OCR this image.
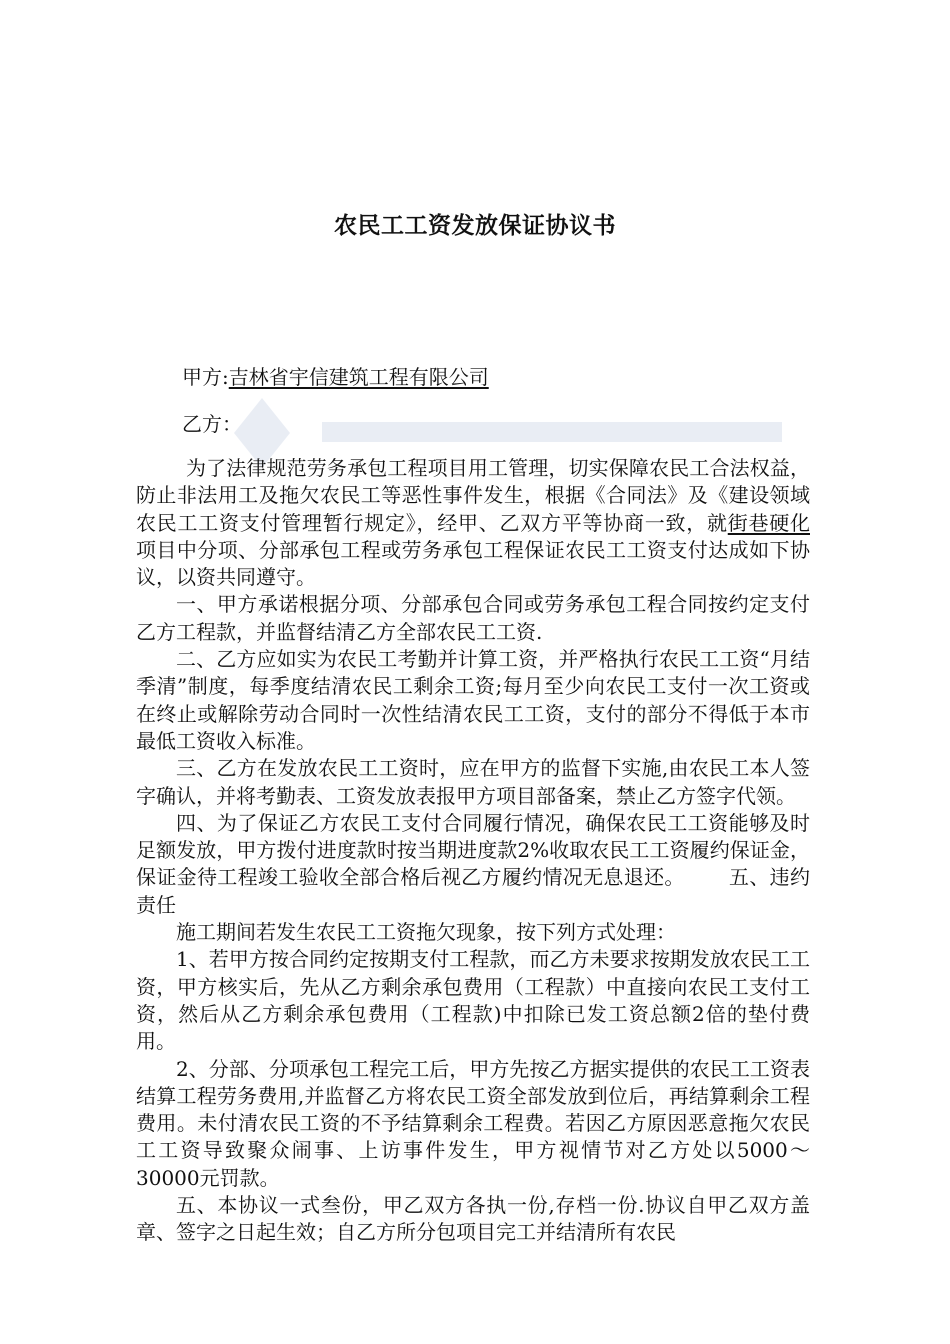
农民工工资发放保证协议书
甲方:吉林省宇信建筑工程有限公司
乙方：

为了法律规范劳务承包工程项目用工管理，切实保障农民工合法权益，防止非法用工及拖欠农民工等恶性事件发生，根据《合同法》及《建设领域农民工工资支付管理暂行规定》，经甲、乙双方平等协商一致，就街巷硬化 项目中分项、分部承包工程或劳务承包工程保证农民工工资支付达成如下协议，以资共同遵守。

一、甲方承诺根据分项、分部承包合同或劳务承包工程合同按约定支付乙方工程款，并监督结清乙方全部农民工工资.

二、乙方应如实为农民工考勤并计算工资，并严格执行农民工工资“月结季清”制度，每季度结清农民工剩余工资;每月至少向农民工支付一次工资或在终止或解除劳动合同时一次性结清农民工工资，支付的部分不得低于本市最低工资收入标准。

三、乙方在发放农民工工资时，应在甲方的监督下实施,由农民工本人签字确认，并将考勤表、工资发放表报甲方项目部备案，禁止乙方签字代领。

四、为了保证乙方农民工支付合同履行情况，确保农民工工资能够及时足额发放，甲方拨付进度款时按当期进度款2%收取农民工工资履约保证金，保证金待工程竣工验收全部合格后视乙方履约情况无息退还。 五、违约责任

施工期间若发生农民工工资拖欠现象，按下列方式处理：

1、若甲方按合同约定按期支付工程款，而乙方未要求按期发放农民工工资，甲方核实后，先从乙方剩余承包费用（工程款）中直接向农民工支付工资，然后从乙方剩余承包费用（工程款)中扣除已发工资总额2倍的垫付费用。

2、分部、分项承包工程完工后，甲方先按乙方据实提供的农民工工资表结算工程劳务费用,并监督乙方将农民工资全部发放到位后，再结算剩余工程费用。未付清农民工资的不予结算剩余工程费。若因乙方原因恶意拖欠农民工工资导致聚众闹事、上访事件发生，甲方视情节对乙方处以5000～30000元罚款。

五、本协议一式叁份，甲乙双方各执一份,存档一份.协议自甲乙双方盖章、签字之日起生效；自乙方所分包项目完工并结清所有农民
